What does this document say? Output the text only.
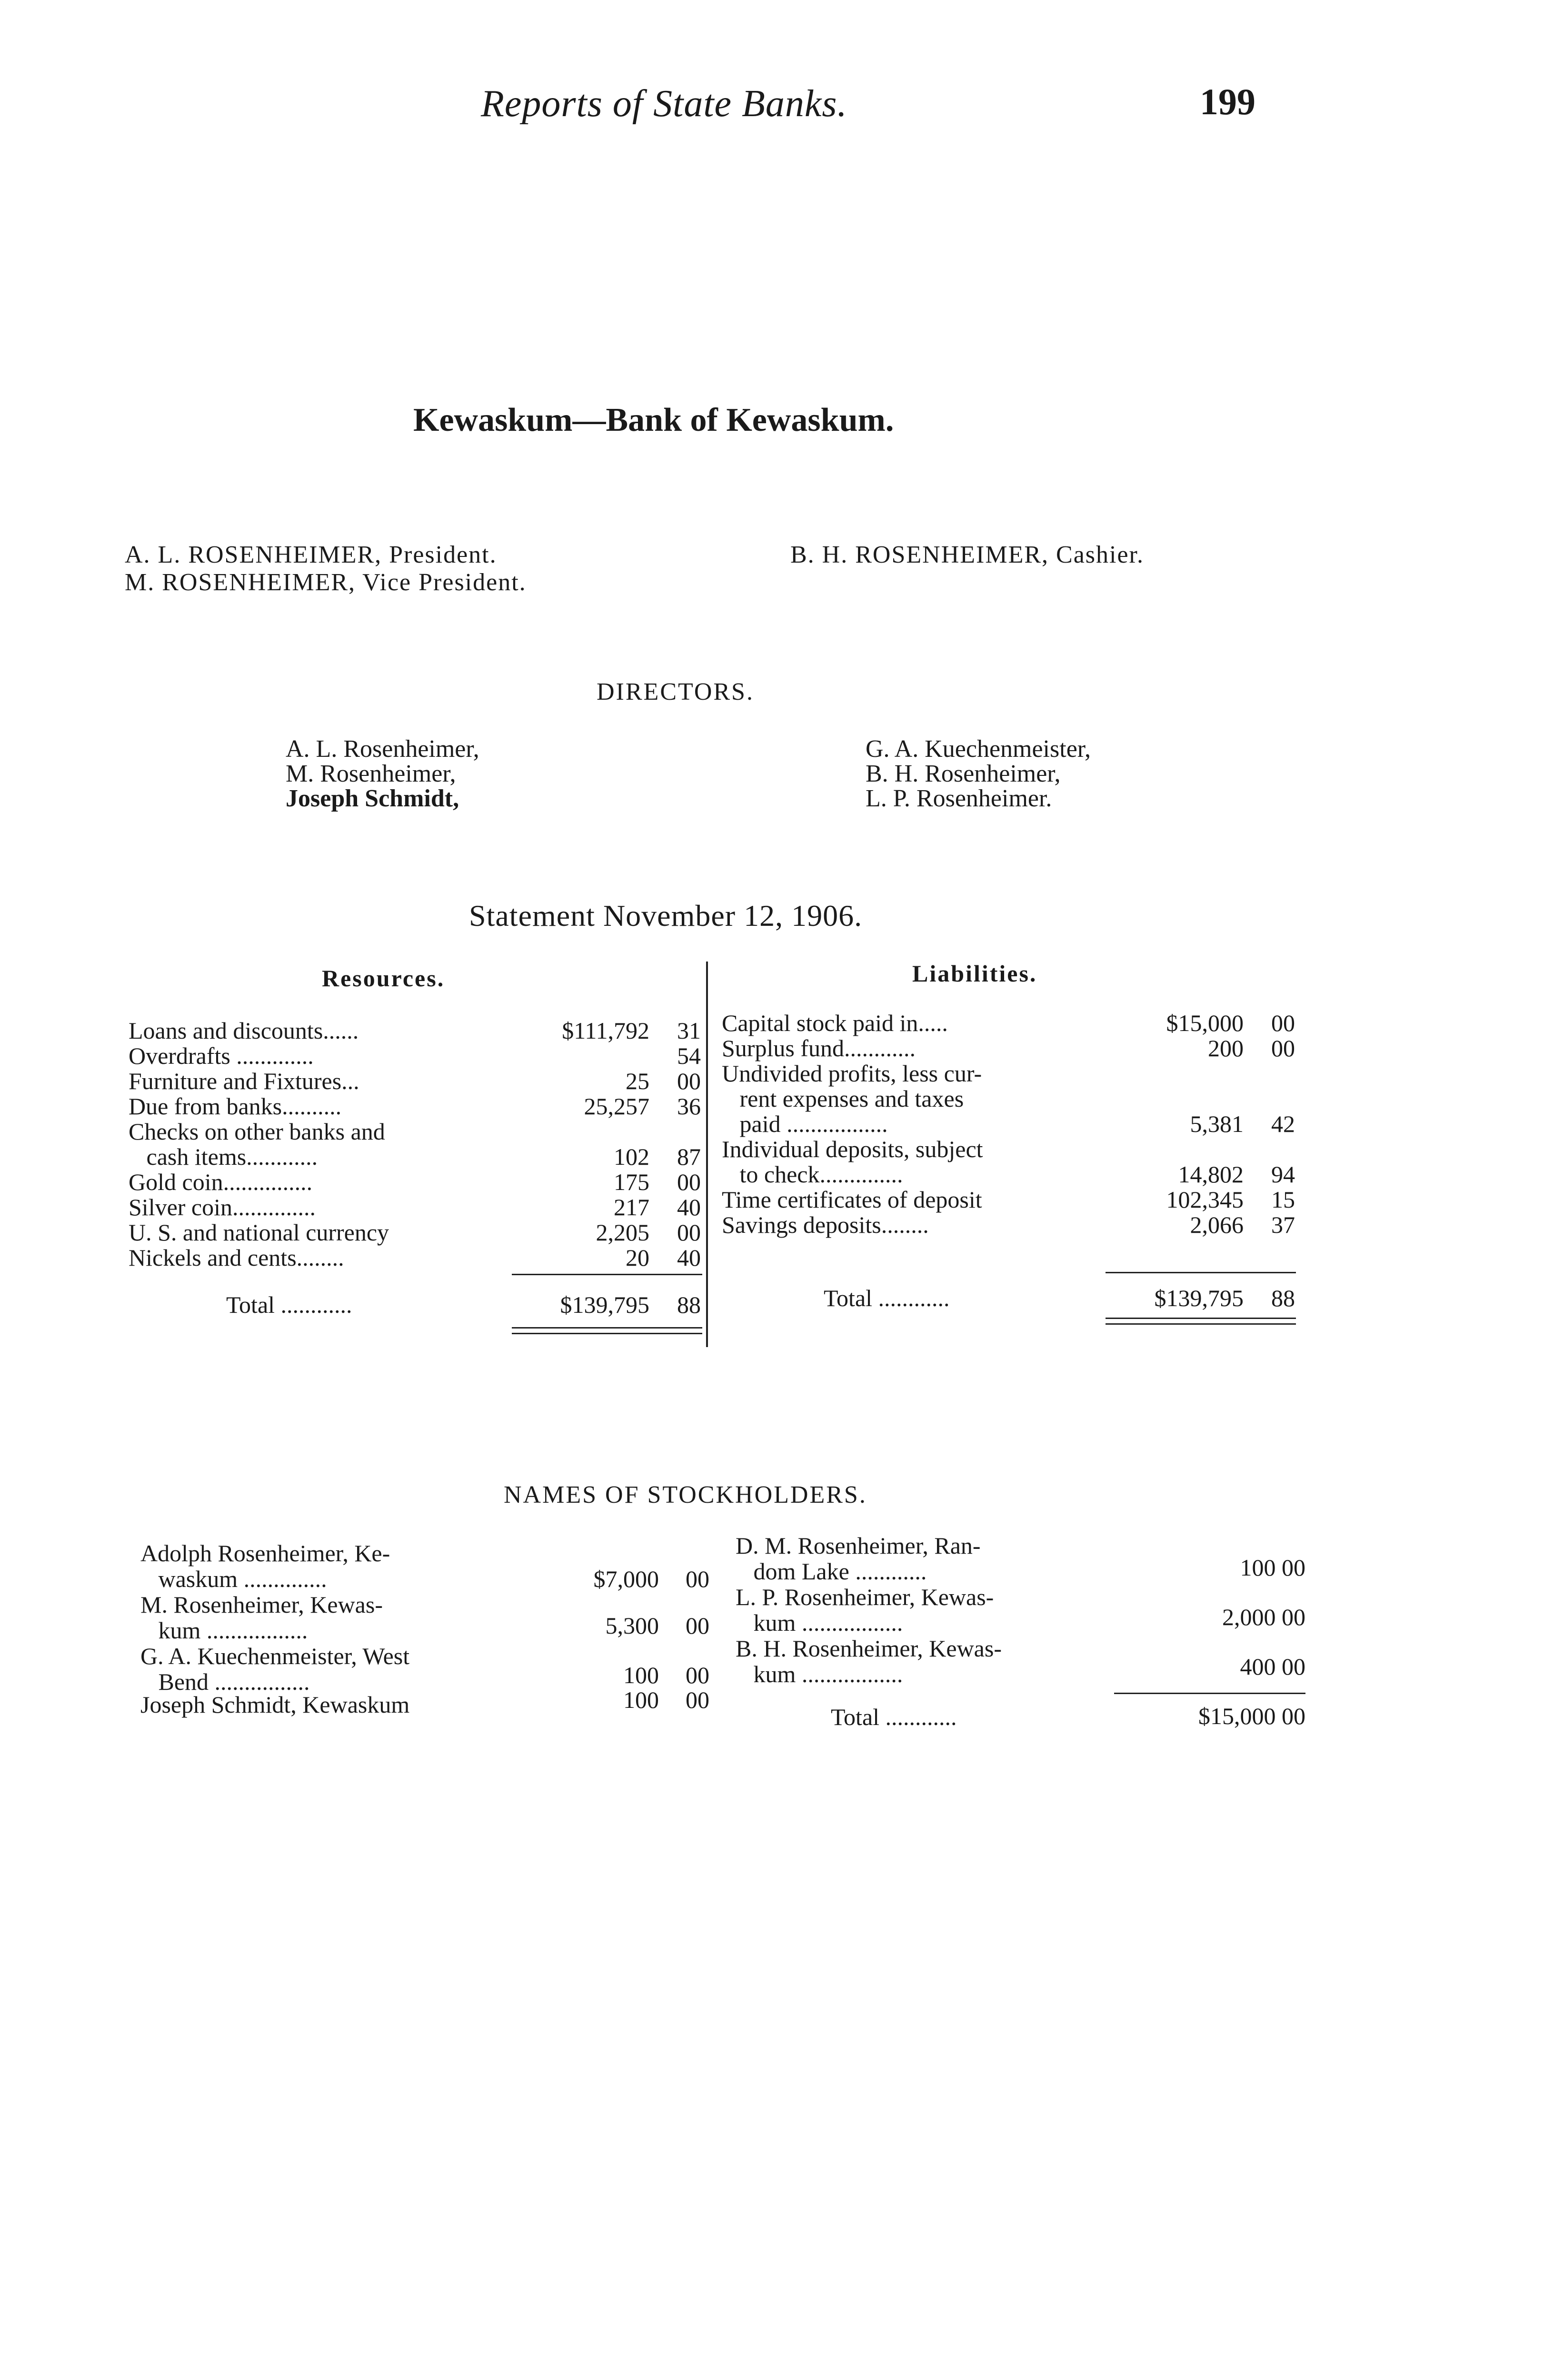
Reports of State Banks.	199
Kewaskum—Bank of Kewaskum.
A. L. ROSENHEIMER, President.
M. ROSENHEIMER, Vice President.
B. H. ROSENHEIMER, Cashier.
DIRECTORS.
A. L. Rosenheimer,
M. Rosenheimer,
Joseph Schmidt,
G. A. Kuechenmeister,
B. H. Rosenheimer,
L. P. Rosenheimer.
Statement November 12, 1906.
Resources.
Loans and discounts......	$111,792 31
Overdrafts .............	54
Furniture and Fixtures...	25 00
Due from banks..........	25,257 36
Checks on other banks and
cash items............	102 87
Gold coin...............	175 00
Silver coin..............	217 40
U. S. and national currency	2,205 00
Nickels and cents........	20 40
Total ............	$139,795 88
Liabilities.
Capital stock paid in.....	$15,000 00
Surplus fund............	200 00
Undivided profits, less cur-
rent expenses and taxes
paid .................	5,381 42
Individual deposits, subject
to check..............	14,802 94
Time certificates of deposit	102,345 15
Savings deposits........	2,066 37
Total ............	$139,795 88
NAMES OF STOCKHOLDERS.
Adolph Rosenheimer, Ke-
waskum ..............	$7,000 00
M. Rosenheimer, Kewas-
kum .................	5,300 00
G. A. Kuechenmeister, West
Bend ................	100 00
Joseph Schmidt, Kewaskum	100 00
D. M. Rosenheimer, Ran-
dom Lake ............	100 00
L. P. Rosenheimer, Kewas-
kum .................	2,000 00
B. H. Rosenheimer, Kewas-
kum .................	400 00
Total ............	$15,000 00
